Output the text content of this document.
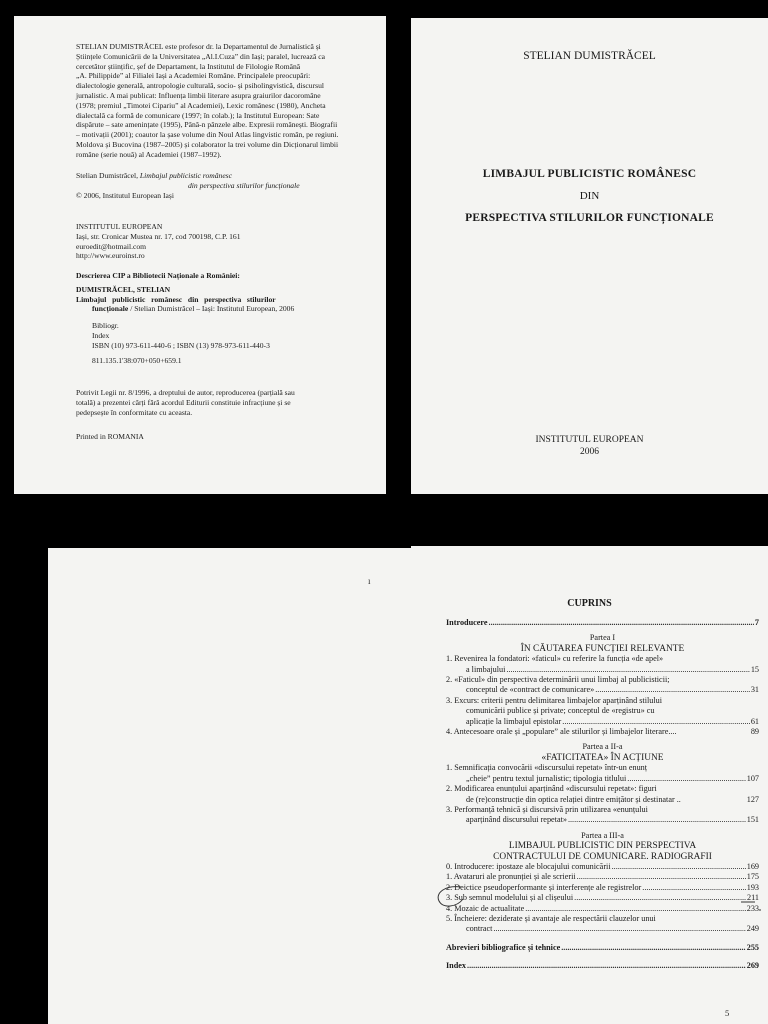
STELIAN DUMISTRĂCEL este profesor dr. la Departamentul de Jurnalistică și
Științele Comunicării de la Universitatea „Al.I.Cuza” din Iași; paralel, lucrează ca
cercetător științific, șef de Departament, la Institutul de Filologie Română
„A. Philippide” al Filialei Iași a Academiei Române. Principalele preocupări:
dialectologie generală, antropologie culturală, socio- și psiholingvistică, discursul
jurnalistic. A mai publicat: Influența limbii literare asupra graiurilor dacoromâne
(1978; premiul „Timotei Cipariu” al Academiei), Lexic românesc (1980), Ancheta
dialectală ca formă de comunicare (1997; în colab.); la Institutul European: Sate
dispărute – sate amenințate (1995), Până-n pânzele albe. Expresii românești. Biografii
– motivații (2001); coautor la șase volume din Noul Atlas lingvistic român, pe regiuni.
Moldova și Bucovina (1987–2005) și colaborator la trei volume din Dicționarul limbii
române (serie nouă) al Academiei (1987–1992).
Stelian Dumistrăcel, Limbajul publicistic românesc
din perspectiva stilurilor funcționale
© 2006, Institutul European Iași
INSTITUTUL EUROPEAN
Iași, str. Cronicar Mustea nr. 17, cod 700198, C.P. 161
euroedit@hotmail.com
http://www.euroinst.ro
Descrierea CIP a Bibliotecii Naționale a României:
DUMISTRĂCEL, STELIAN
Limbajul   publicistic   românesc   din   perspectiva   stilurilor
funcționale / Stelian Dumistrăcel – Iași: Institutul European, 2006
Bibliogr.
Index
ISBN (10) 973-611-440-6 ; ISBN (13) 978-973-611-440-3
811.135.1'38:070+050+659.1
Potrivit Legii nr. 8/1996, a dreptului de autor, reproducerea (parțială sau
totală) a prezentei cărți fără acordul Editurii constituie infracțiune și se
pedepsește în conformitate cu aceasta.
Printed in ROMANIA
STELIAN DUMISTRĂCEL
LIMBAJUL PUBLICISTIC ROMÂNESC
DIN
PERSPECTIVA STILURILOR FUNCȚIONALE
INSTITUTUL EUROPEAN
2006
ı
CUPRINS
Introducere .....	7
Partea I
ÎN CĂUTAREA FUNCȚIEI RELEVANTE
1. Revenirea la fondatori: «faticul» cu referire la funcția «de apel»
a limbajului .....	15
2. «Faticul» din perspectiva determinării unui limbaj al publicisticii;
conceptul de «contract de comunicare» .....	31
3. Excurs: criterii pentru delimitarea limbajelor aparținând stilului
comunicării publice și private; conceptul de «registru» cu
aplicație la limbajul epistolar .....	61
4. Antecesoare orale și „populare” ale stilurilor și limbajelor literare....	89
Partea a II-a
«FATICITATEA» ÎN ACȚIUNE
1. Semnificația convocării «discursului repetat» într-un enunț
„cheie” pentru textul jurnalistic; tipologia titlului .....	107
2. Modificarea enunțului aparținând «discursului repetat»: figuri
de (re)construcție din optica relației dintre emițător și destinatar ..	127
3. Performanță tehnică și discursivă prin utilizarea «enunțului
aparținând discursului repetat» .....	151
Partea a III-a
LIMBAJUL PUBLICISTIC DIN PERSPECTIVA
CONTRACTULUI DE COMUNICARE. RADIOGRAFII
0. Introducere: ipostaze ale blocajului comunicării .....	169
1. Avataruri ale pronunției și ale scrierii .....	175
2. Deictice pseudoperformante și interferențe ale registrelor .....	193
3. Sub semnul modelului și al clișeului .....	211
4. Mozaic de actualitate .....	233
5. Încheiere: deziderate și avantaje ale respectării clauzelor unui
contract .....	249
Abrevieri bibliografice și tehnice .....	255
Index .....	269
5
